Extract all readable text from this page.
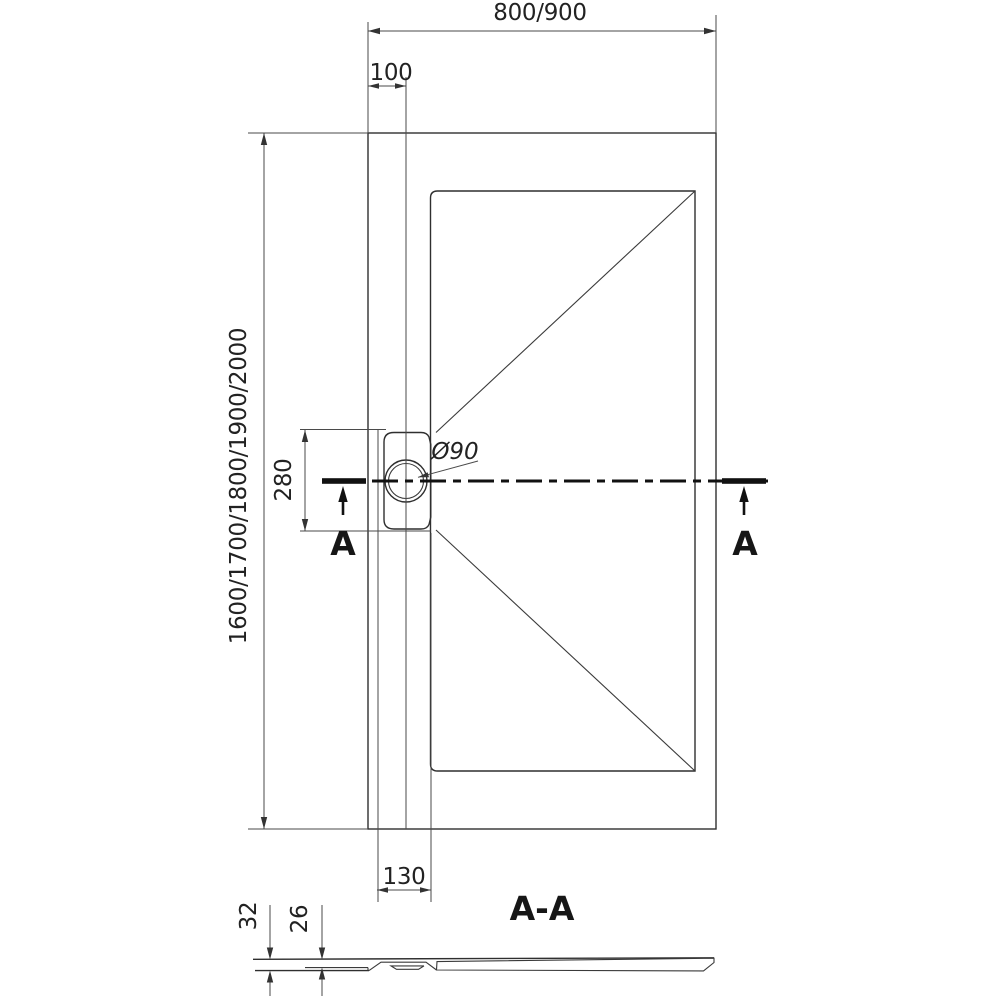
800/900
100
1600/1700/1800/1900/2000 280
Ø90
130
32 26
A	A
A-A
